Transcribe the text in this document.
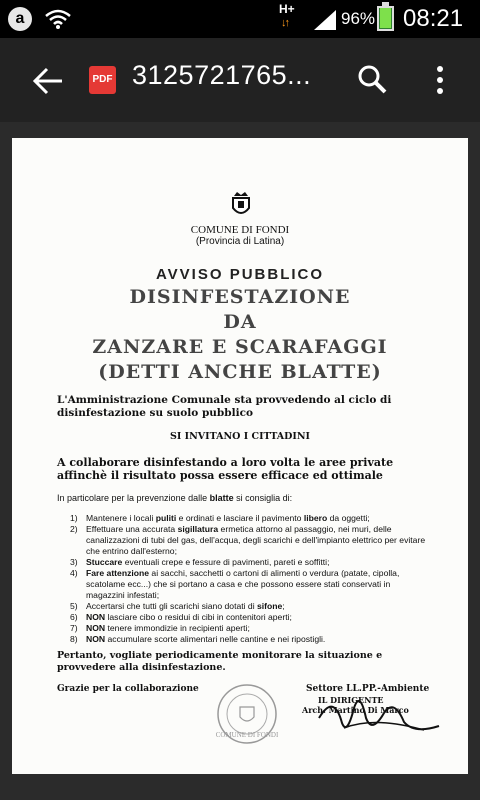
a
H+
↓↑	96% 08:21
PDF 3125721765...
COMUNE DI FONDI
(Provincia di Latina)
AVVISO PUBBLICO
DISINFESTAZIONE
DA
ZANZARE E SCARAFAGGI
(DETTI ANCHE BLATTE)
L'Amministrazione Comunale sta provvedendo al ciclo di disinfestazione su suolo pubblico
SI INVITANO I CITTADINI
A collaborare disinfestando a loro volta le aree private affinchè il risultato possa essere efficace ed ottimale
In particolare per la prevenzione dalle blatte si consiglia di:
1) Mantenere i locali puliti e ordinati e lasciare il pavimento libero da oggetti;
2) Effettuare una accurata sigillatura ermetica attorno al passaggio, nei muri, delle canalizzazioni di tubi del gas, dell'acqua, degli scarichi e dell'impianto elettrico per evitare che entrino dall'esterno;
3) Stuccare eventuali crepe e fessure di pavimenti, pareti e soffitti;
4) Fare attenzione ai sacchi, sacchetti o cartoni di alimenti o verdura (patate, cipolla, scatolame ecc...) che si portano a casa e che possono essere stati conservati in magazzini infestati;
5) Accertarsi che tutti gli scarichi siano dotati di sifone;
6) NON lasciare cibo o residui di cibi in contenitori aperti;
7) NON tenere immondizie in recipienti aperti;
8) NON accumulare scorte alimentari nelle cantine e nei ripostigli.
Pertanto, vogliate periodicamente monitorare la situazione e provvedere alla disinfestazione.
Grazie per la collaborazione
COMUNE DI FONDI
Settore LL.PP.-Ambiente
IL DIRIGENTE
Arch. Martino Di Marco
